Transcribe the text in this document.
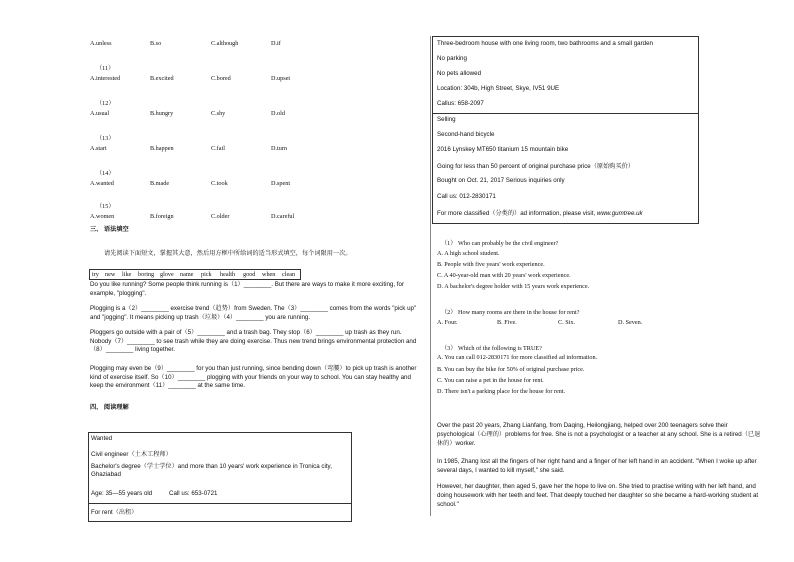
A.unless	B.so	C.although	D.if
（11）
A.interested	B.excited	C.bored	D.upset
（12）
A.usual	B.hungry	C.shy	D.old
（13）
A.start	B.happen	C.fail	D.turn
（14）
A.wanted	B.made	C.took	D.spent
（15）
A.women	B.foreign	C.older	D.careful
三、 语法填空
请先阅读下面短文，掌握其大意，然后用方框中所给词的适当形式填空，每个词限用一次。
try new like boring glove name pick health good when clean
Do you like running? Some people think running is（1）________. But there are ways to make it more exciting, for example, "plogging".
Plogging is a（2）________ exercise trend（趋势）from Sweden. The（3）________ comes from the words "pick up" and "jogging". It means picking up trash（垃圾）（4）________ you are running.
Ploggers go outside with a pair of（5）________ and a trash bag. They stop（6）________ up trash as they run. Nobody（7）________ to see trash while they are doing exercise. Thus new trend brings environmental protection and（8）________ living together.
Plogging may even be（9）________ for you than just running, since bending down（弯腰）to pick up trash is another kind of exercise itself. So（10）________ plogging with your friends on your way to school. You can stay healthy and keep the environment（11）________ at the same time.
四、 阅读理解
Wanted
Civil engineer（土木工程师）
Bachelor's degree（学士学位）and more than 10 years' work experience in Tronica city, Ghaziabad
Age: 35—55 years old	Call us: 653-0721
For rent（出租）
Three-bedroom house with one living room, two bathrooms and a small garden
No parking
No pets allowed
Location: 304b, High Street, Skye, IV51 9UE
Callus: 658-2097
Selling
Second-hand bicycle
2016 Lynskey MT650 titanium 15 mountain bike
Going for less than 50 percent of original purchase price（原始购买价）
Bought on Oct. 21, 2017 Serious inquiries only
Call us: 012-2830171
For more classified（分类的）ad information, please visit, www.gumtree.uk
（1） Who can probably be the civil engineer?
A. A high school student.
B. People with five years' work experience.
C. A 40-year-old man with 20 years' work experience.
D. A bachelor's degree holder with 15 years work experience.
（2） How many rooms are there in the house for rent?
A. Four.	B. Five.	C. Six.	D. Seven.
（3） Which of the following is TRUE?
A. You can call 012-2830171 for more classified ad information.
B. You can buy the bike for 50% of original purchase price.
C. You can raise a pet in the house for rent.
D. There isn't a parking place for the house for rent.
Over the past 20 years, Zhang Lianfang, from Daqing, Heilongjiang, helped over 200 teenagers solve their psychological（心理的）problems for free. She is not a psychologist or a teacher at any school. She is a retired（已退休的）worker.
In 1985, Zhang lost all the fingers of her right hand and a finger of her left hand in an accident. "When I woke up after several days, I wanted to kill myself," she said.
However, her daughter, then aged 5, gave her the hope to live on. She tried to practise writing with her left hand, and doing housework with her teeth and feet. That deeply touched her daughter so she became a hard-working student at school."
